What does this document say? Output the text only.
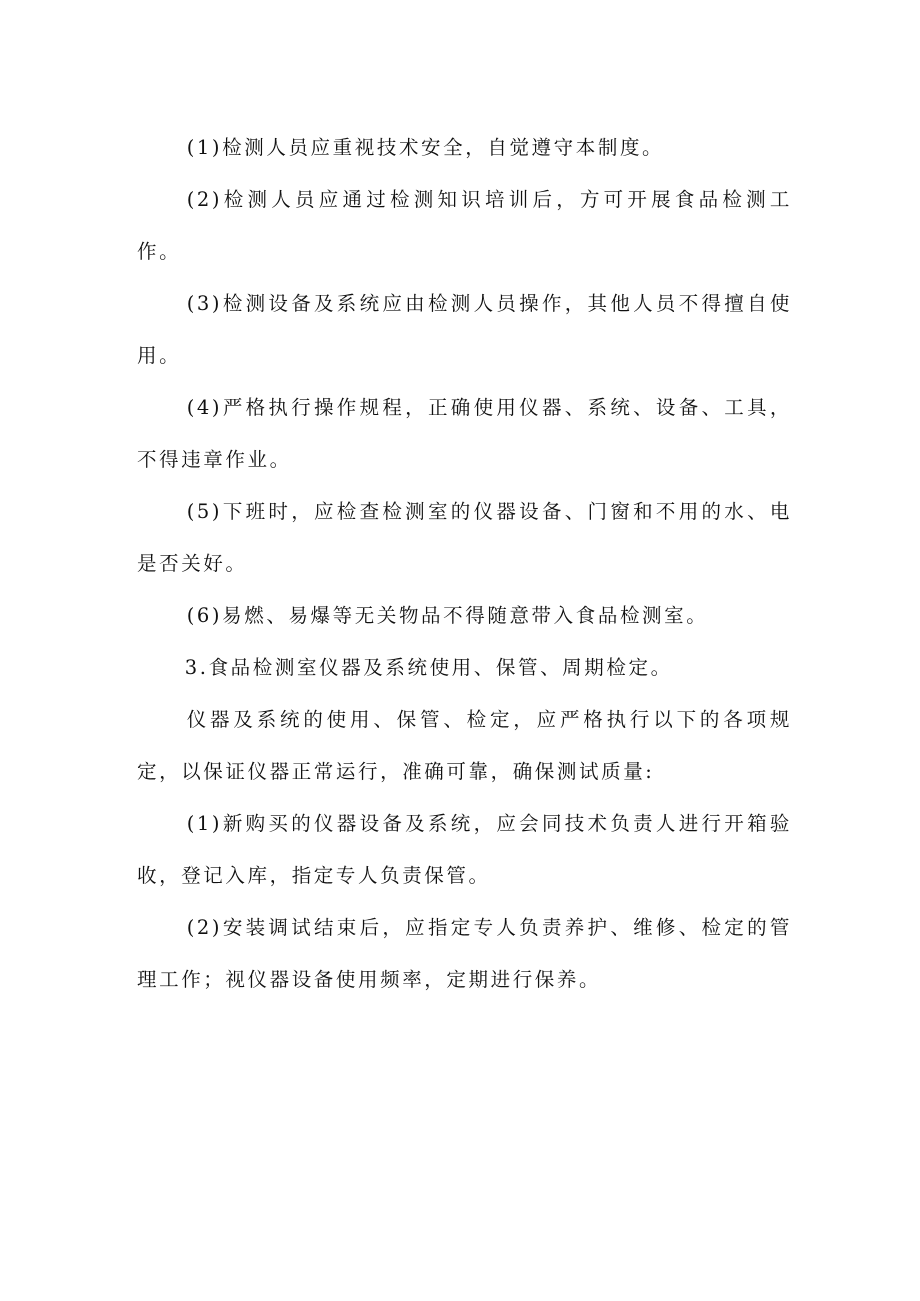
(1)检测人员应重视技术安全，自觉遵守本制度。

(2)检测人员应通过检测知识培训后，方可开展食品检测工作。

(3)检测设备及系统应由检测人员操作，其他人员不得擅自使用。

(4)严格执行操作规程，正确使用仪器、系统、设备、工具，不得违章作业。

(5)下班时，应检查检测室的仪器设备、门窗和不用的水、电是否关好。

(6)易燃、易爆等无关物品不得随意带入食品检测室。

3.食品检测室仪器及系统使用、保管、周期检定。

仪器及系统的使用、保管、检定，应严格执行以下的各项规定，以保证仪器正常运行，准确可靠，确保测试质量:

(1)新购买的仪器设备及系统，应会同技术负责人进行开箱验收，登记入库，指定专人负责保管。

(2)安装调试结束后，应指定专人负责养护、维修、检定的管理工作；视仪器设备使用频率，定期进行保养。
